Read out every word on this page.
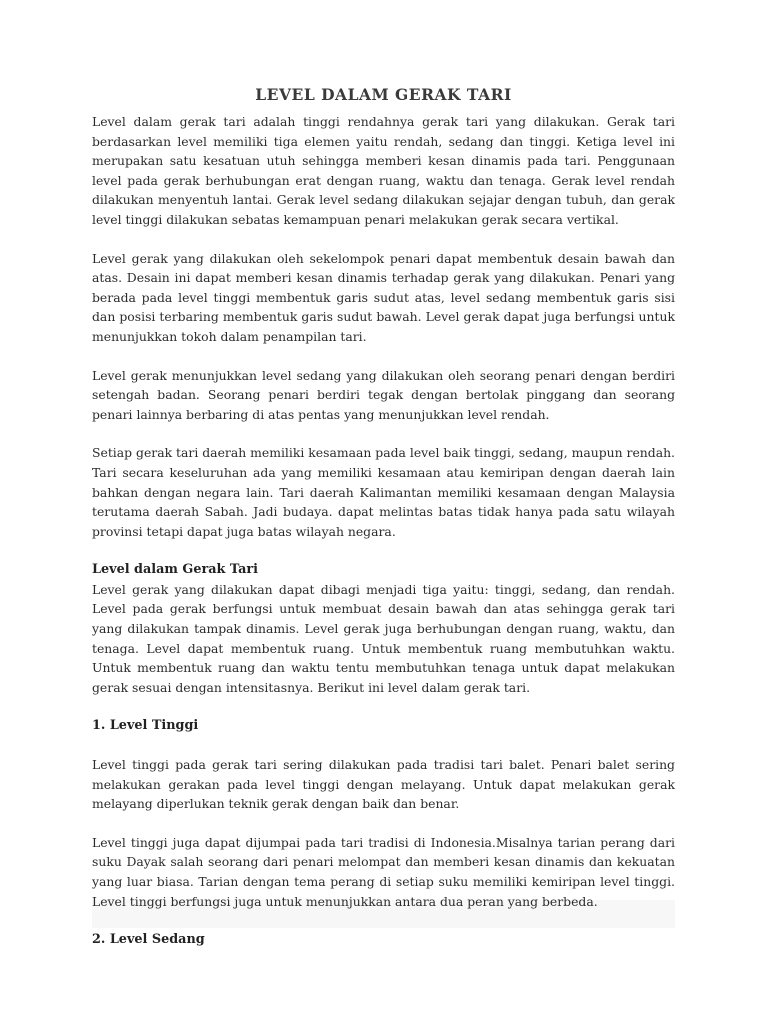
LEVEL DALAM GERAK TARI

Level dalam gerak tari adalah tinggi rendahnya gerak tari yang dilakukan. Gerak tari berdasarkan level memiliki tiga elemen yaitu rendah, sedang dan tinggi. Ketiga level ini merupakan satu kesatuan utuh sehingga memberi kesan dinamis pada tari. Penggunaan level pada gerak berhubungan erat dengan ruang, waktu dan tenaga. Gerak level rendah dilakukan menyentuh lantai. Gerak level sedang dilakukan sejajar dengan tubuh, dan gerak level tinggi dilakukan sebatas kemampuan penari melakukan gerak secara vertikal.

Level gerak yang dilakukan oleh sekelompok penari dapat membentuk desain bawah dan atas. Desain ini dapat memberi kesan dinamis terhadap gerak yang dilakukan. Penari yang berada pada level tinggi membentuk garis sudut atas, level sedang membentuk garis sisi dan posisi terbaring membentuk garis sudut bawah. Level gerak dapat juga berfungsi untuk menunjukkan tokoh dalam penampilan tari.

Level gerak menunjukkan level sedang yang dilakukan oleh seorang penari dengan berdiri setengah badan. Seorang penari berdiri tegak dengan bertolak pinggang dan seorang penari lainnya berbaring di atas pentas yang menunjukkan level rendah.

Setiap gerak tari daerah memiliki kesamaan pada level baik tinggi, sedang, maupun rendah. Tari secara keseluruhan ada yang memiliki kesamaan atau kemiripan dengan daerah lain bahkan dengan negara lain. Tari daerah Kalimantan memiliki kesamaan dengan Malaysia terutama daerah Sabah. Jadi budaya. dapat melintas batas tidak hanya pada satu wilayah provinsi tetapi dapat juga batas wilayah negara.

Level dalam Gerak Tari

Level gerak yang dilakukan dapat dibagi menjadi tiga yaitu: tinggi, sedang, dan rendah. Level pada gerak berfungsi untuk membuat desain bawah dan atas sehingga gerak tari yang dilakukan tampak dinamis. Level gerak juga berhubungan dengan ruang, waktu, dan tenaga. Level dapat membentuk ruang. Untuk membentuk ruang membutuhkan waktu. Untuk membentuk ruang dan waktu tentu membutuhkan tenaga untuk dapat melakukan gerak sesuai dengan intensitasnya. Berikut ini level dalam gerak tari.

1. Level Tinggi

Level tinggi pada gerak tari sering dilakukan pada tradisi tari balet. Penari balet sering melakukan gerakan pada level tinggi dengan melayang. Untuk dapat melakukan gerak melayang diperlukan teknik gerak dengan baik dan benar.

Level tinggi juga dapat dijumpai pada tari tradisi di Indonesia.Misalnya tarian perang dari suku Dayak salah seorang dari penari melompat dan memberi kesan dinamis dan kekuatan yang luar biasa. Tarian dengan tema perang di setiap suku memiliki kemiripan level tinggi. Level tinggi berfungsi juga untuk menunjukkan antara dua peran yang berbeda.

2. Level Sedang
